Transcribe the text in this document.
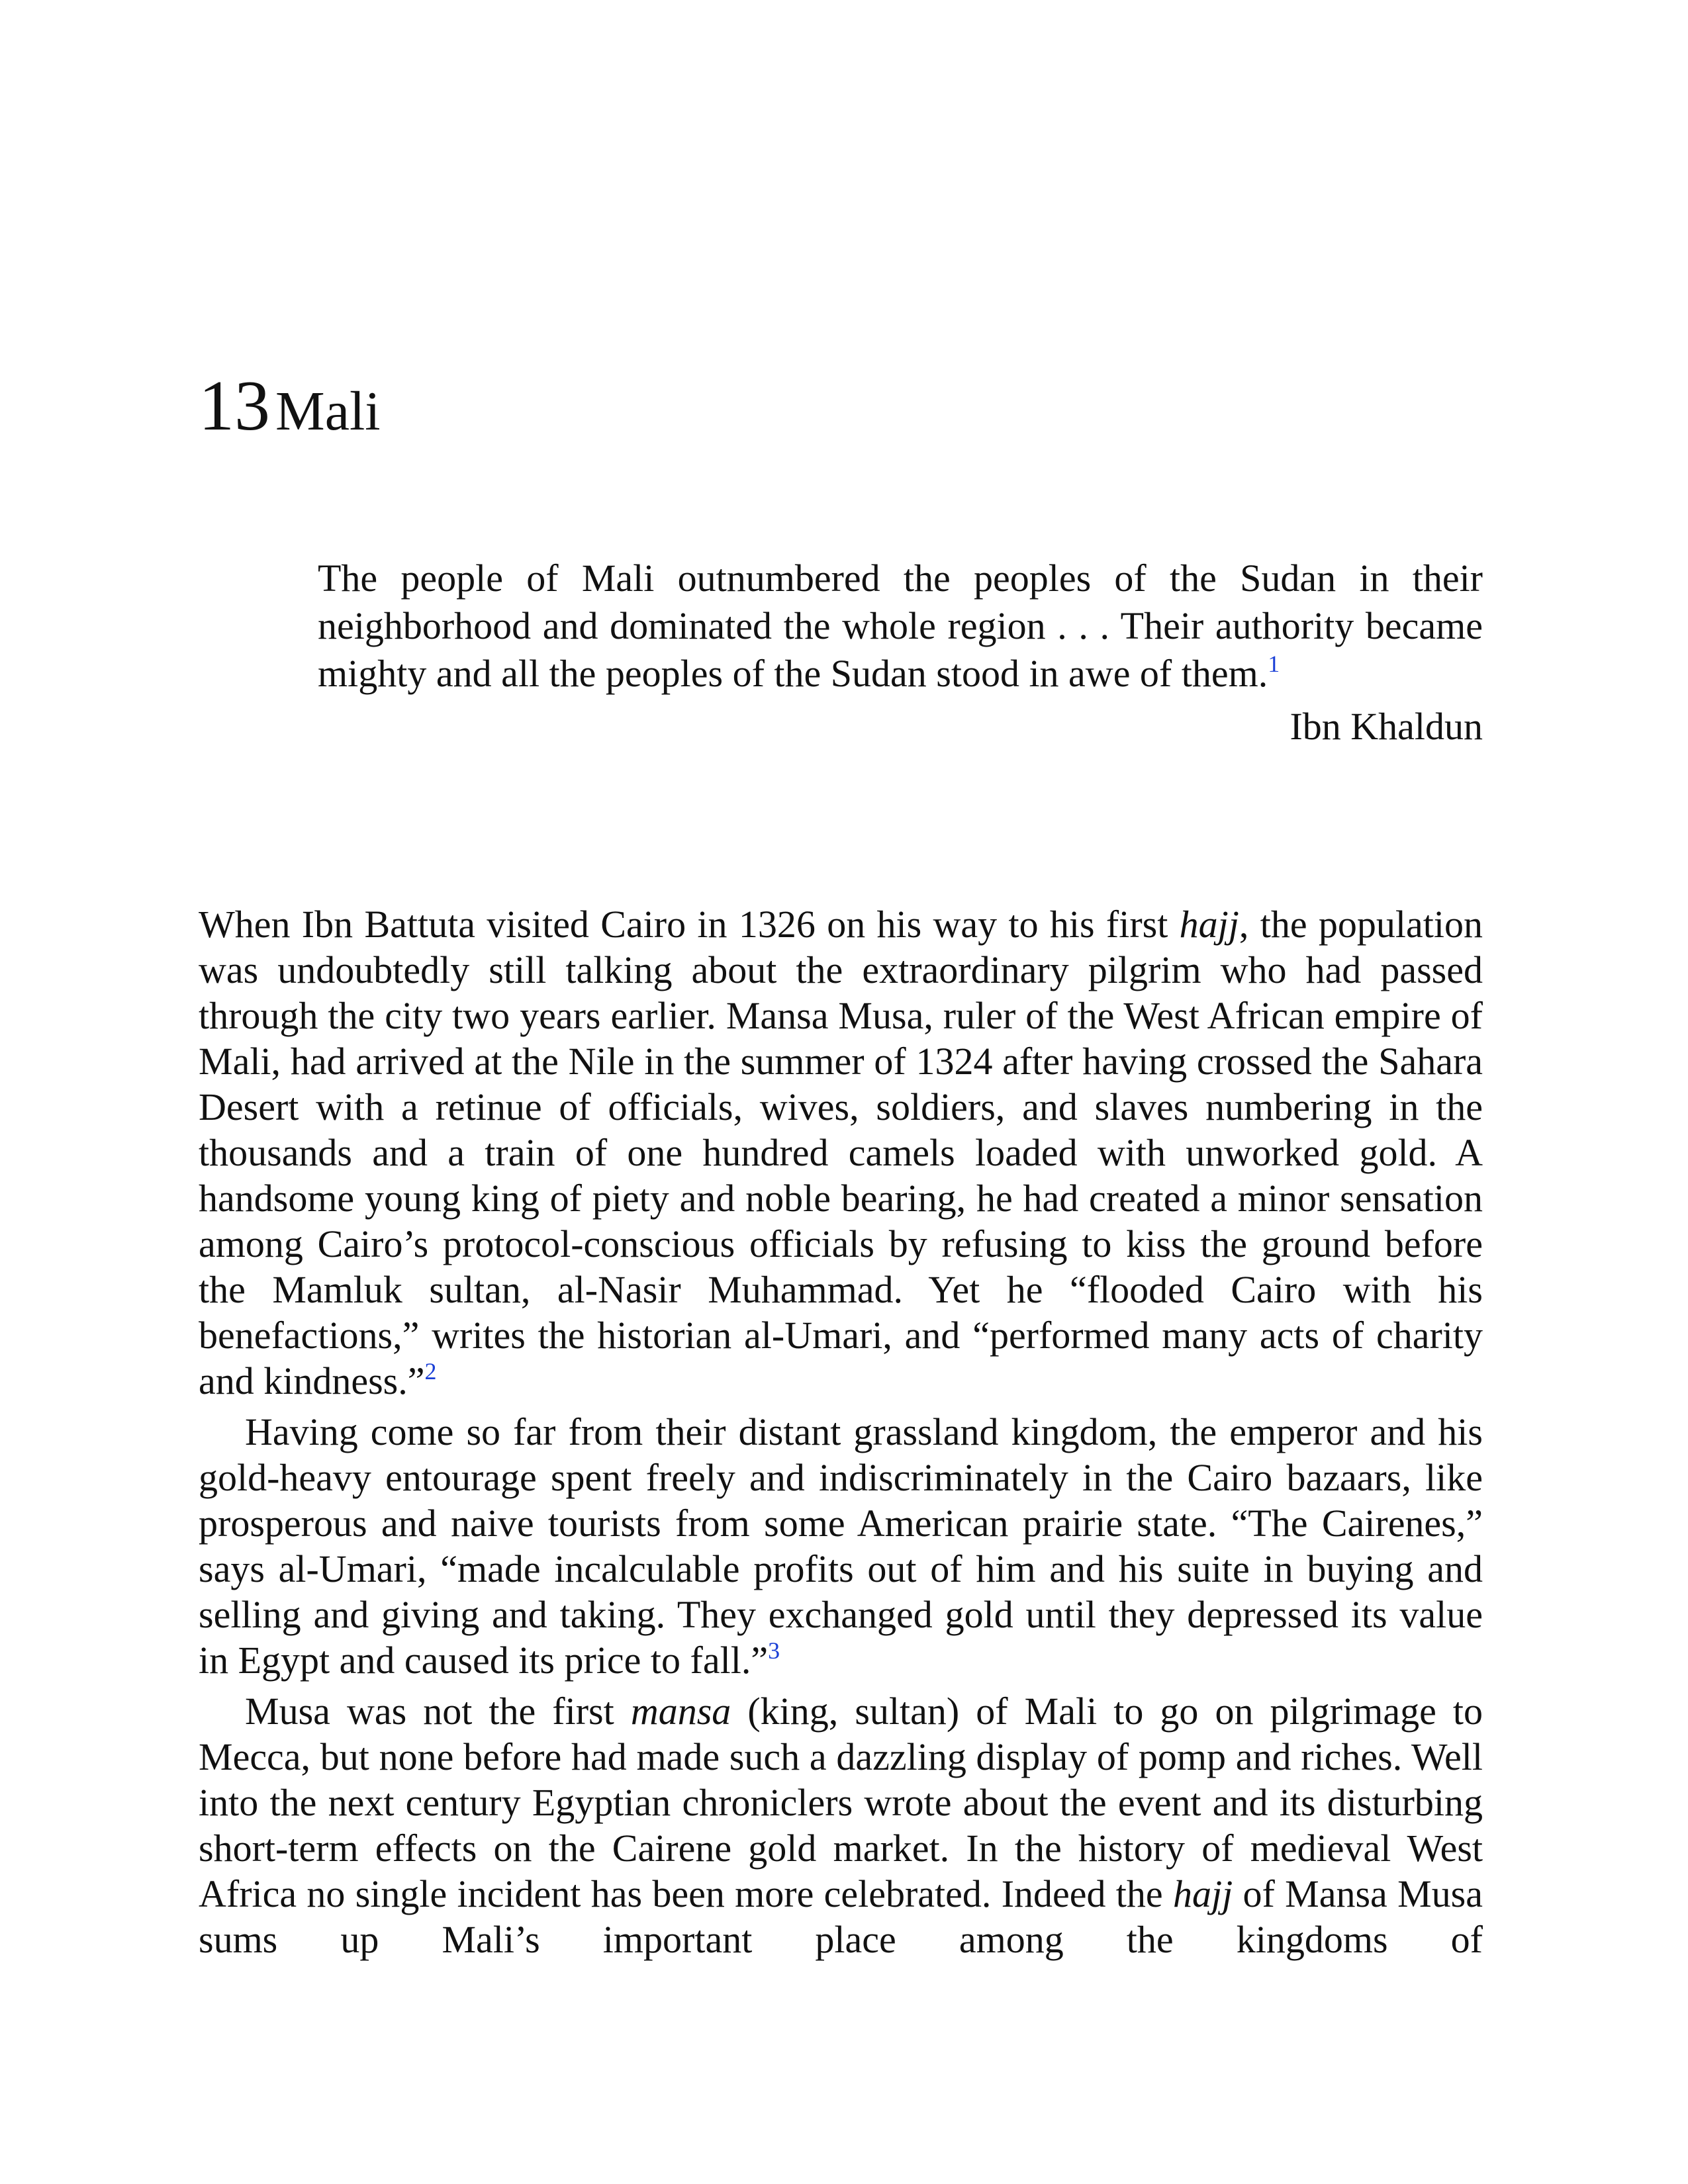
13 Mali

The people of Mali outnumbered the peoples of the Sudan in their neighborhood and dominated the whole region . . . Their authority became mighty and all the peoples of the Sudan stood in awe of them.$^1$

Ibn Khaldun

When Ibn Battuta visited Cairo in 1326 on his way to his first hajj, the population was undoubtedly still talking about the extraordinary pilgrim who had passed through the city two years earlier. Mansa Musa, ruler of the West African empire of Mali, had arrived at the Nile in the summer of 1324 after having crossed the Sahara Desert with a retinue of officials, wives, soldiers, and slaves numbering in the thousands and a train of one hundred camels loaded with unworked gold. A handsome young king of piety and noble bearing, he had created a minor sensation among Cairo’s protocol-conscious officials by refusing to kiss the ground before the Mamluk sultan, al-Nasir Muhammad. Yet he “flooded Cairo with his benefactions,” writes the historian al-Umari, and “performed many acts of charity and kindness.”$^2$

Having come so far from their distant grassland kingdom, the emperor and his gold-heavy entourage spent freely and indiscriminately in the Cairo bazaars, like prosperous and naive tourists from some American prairie state. “The Cairenes,” says al-Umari, “made incalculable profits out of him and his suite in buying and selling and giving and taking. They exchanged gold until they depressed its value in Egypt and caused its price to fall.”$^3$

Musa was not the first mansa (king, sultan) of Mali to go on pilgrimage to Mecca, but none before had made such a dazzling display of pomp and riches. Well into the next century Egyptian chroniclers wrote about the event and its disturbing short-term effects on the Cairene gold market. In the history of medieval West Africa no single incident has been more celebrated. Indeed the hajj of Mansa Musa sums up Mali’s important place among the kingdoms of
